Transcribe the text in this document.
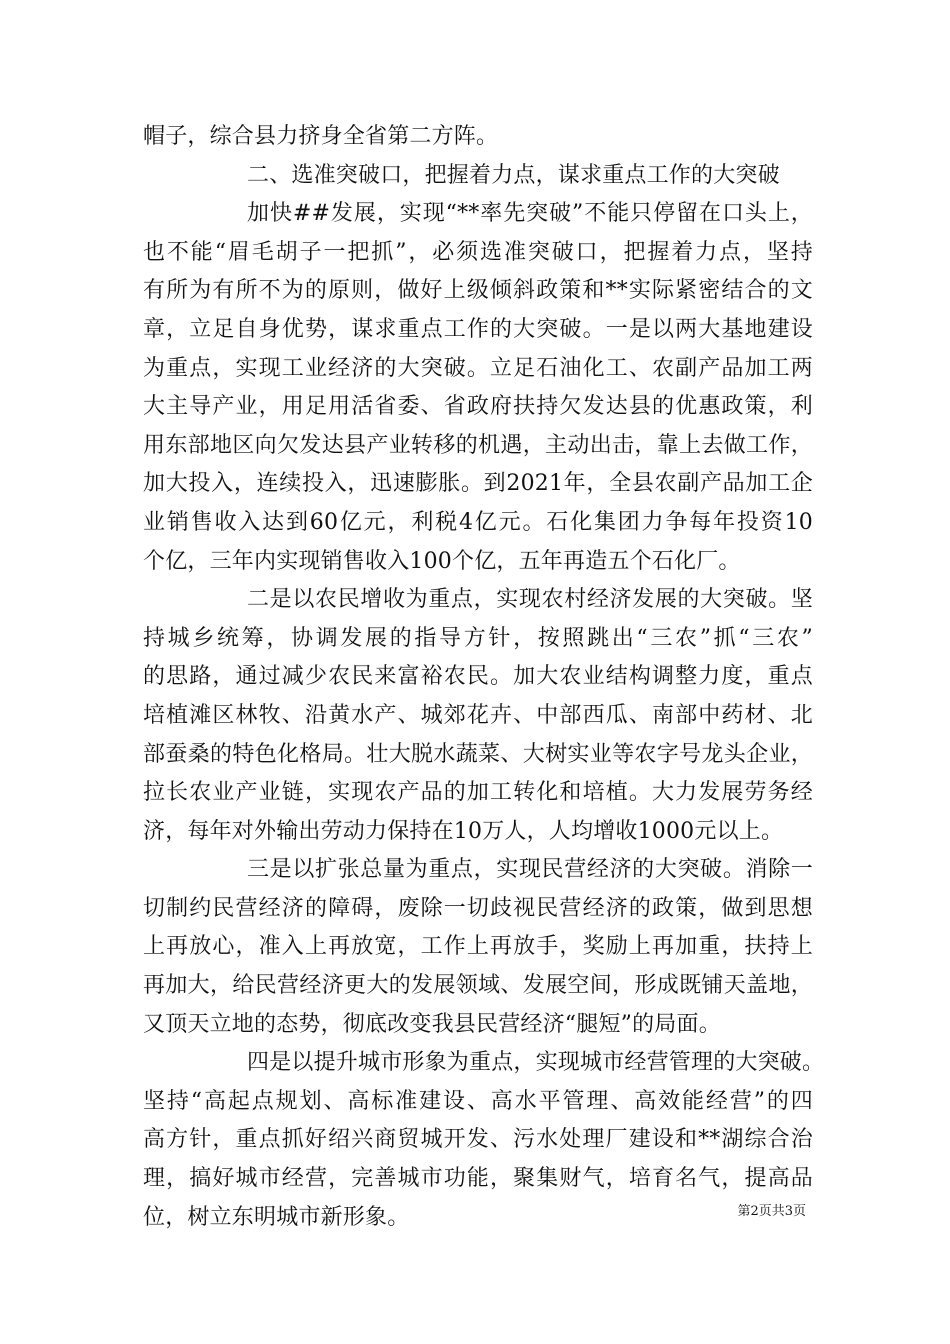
帽子，综合县力挤身全省第二方阵。
二、选准突破口，把握着力点，谋求重点工作的大突破
加快##发展，实现“**率先突破”不能只停留在口头上，
也不能“眉毛胡子一把抓”，必须选准突破口，把握着力点，坚持
有所为有所不为的原则，做好上级倾斜政策和**实际紧密结合的文
章，立足自身优势，谋求重点工作的大突破。一是以两大基地建设
为重点，实现工业经济的大突破。立足石油化工、农副产品加工两
大主导产业，用足用活省委、省政府扶持欠发达县的优惠政策，利
用东部地区向欠发达县产业转移的机遇，主动出击，靠上去做工作，
加大投入，连续投入，迅速膨胀。到2021年，全县农副产品加工企
业销售收入达到60亿元，利税4亿元。石化集团力争每年投资10
个亿，三年内实现销售收入100个亿，五年再造五个石化厂。
二是以农民增收为重点，实现农村经济发展的大突破。坚
持城乡统筹，协调发展的指导方针，按照跳出“三农”抓“三农”
的思路，通过减少农民来富裕农民。加大农业结构调整力度，重点
培植滩区林牧、沿黄水产、城郊花卉、中部西瓜、南部中药材、北
部蚕桑的特色化格局。壮大脱水蔬菜、大树实业等农字号龙头企业，
拉长农业产业链，实现农产品的加工转化和培植。大力发展劳务经
济，每年对外输出劳动力保持在10万人，人均增收1000元以上。
三是以扩张总量为重点，实现民营经济的大突破。消除一
切制约民营经济的障碍，废除一切歧视民营经济的政策，做到思想
上再放心，准入上再放宽，工作上再放手，奖励上再加重，扶持上
再加大，给民营经济更大的发展领域、发展空间，形成既铺天盖地，
又顶天立地的态势，彻底改变我县民营经济“腿短”的局面。
四是以提升城市形象为重点，实现城市经营管理的大突破。
坚持“高起点规划、高标准建设、高水平管理、高效能经营”的四
高方针，重点抓好绍兴商贸城开发、污水处理厂建设和**湖综合治
理，搞好城市经营，完善城市功能，聚集财气，培育名气，提高品
位，树立东明城市新形象。	第2页共3页
